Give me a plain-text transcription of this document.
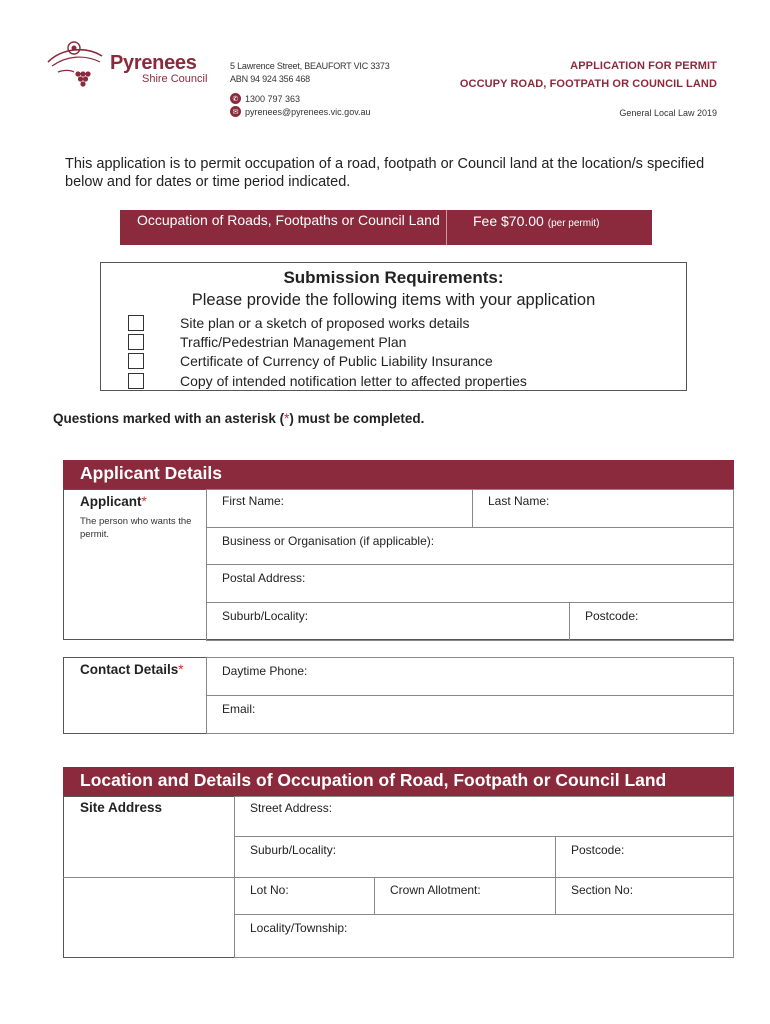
Pyrenees
Shire Council
5 Lawrence Street, BEAUFORT VIC 3373
ABN 94 924 356 468
✆ 1300 797 363
✉ pyrenees@pyrenees.vic.gov.au
APPLICATION FOR PERMIT
OCCUPY ROAD, FOOTPATH OR COUNCIL LAND
General Local Law 2019
This application is to permit occupation of a road, footpath or Council land at the location/s specified below and for dates or time period indicated.
Occupation of Roads, Footpaths or Council Land	Fee $70.00 (per permit)
Submission Requirements:
Please provide the following items with your application
Site plan or a sketch of proposed works details
Traffic/Pedestrian Management Plan
Certificate of Currency of Public Liability Insurance
Copy of intended notification letter to affected properties
Questions marked with an asterisk (*) must be completed.
Applicant Details
Applicant*
The person who wants the permit.
First Name:	Last Name:
Business or Organisation (if applicable):
Postal Address:
Suburb/Locality:	Postcode:
Contact Details*	Daytime Phone:
Email:
Location and Details of Occupation of Road, Footpath or Council Land
Site Address	Street Address:
Suburb/Locality:	Postcode:
Lot No:	Crown Allotment:	Section No:
Locality/Township:
